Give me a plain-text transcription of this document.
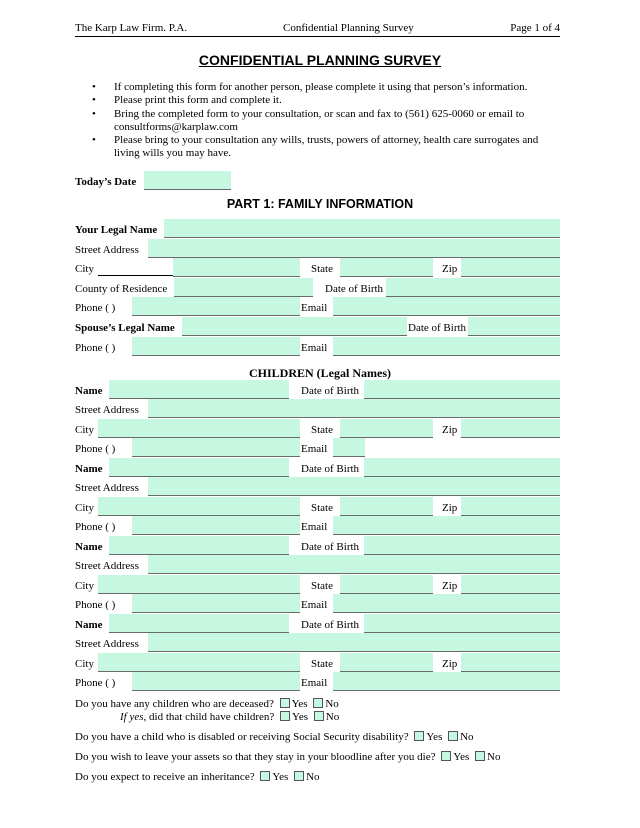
The Karp Law Firm. P.A.	Confidential Planning Survey	Page 1 of 4
CONFIDENTIAL PLANNING SURVEY
• If completing this form for another person, please complete it using that person’s information.
• Please print this form and complete it.
• Bring the completed form to your consultation, or scan and fax to (561) 625-0060 or email to consultforms@karplaw.com
• Please bring to your consultation any wills, trusts, powers of attorney, health care surrogates and living wills you may have.
Today’s Date
PART 1: FAMILY INFORMATION
Your Legal Name
Street Address
City	State	Zip
County of Residence	Date of Birth
Phone ( )	Email
Spouse’s Legal Name	Date of Birth
Phone ( )	Email
CHILDREN (Legal Names)
Name	Date of Birth
Street Address
City	State	Zip
Phone ( )	Email
Name	Date of Birth
Street Address
City	State	Zip
Phone ( )	Email
Name	Date of Birth
Street Address
City	State	Zip
Phone ( )	Email
Name	Date of Birth
Street Address
City	State	Zip
Phone ( )	Email
Do you have any children who are deceased? Yes No
If yes, did that child have children? Yes No
Do you have a child who is disabled or receiving Social Security disability? Yes No
Do you wish to leave your assets so that they stay in your bloodline after you die? Yes No
Do you expect to receive an inheritance? Yes No
